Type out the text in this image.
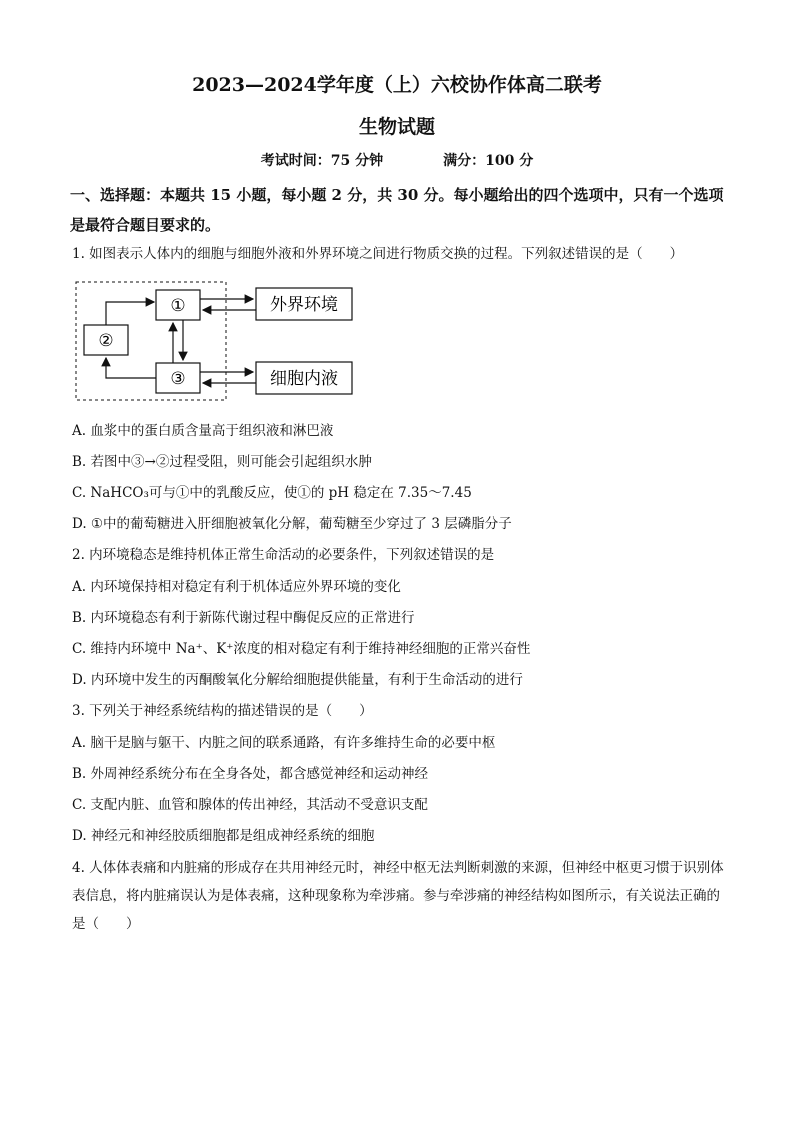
2023—2024学年度（上）六校协作体高二联考
生物试题
考试时间：75 分钟	满分：100 分
一、选择题：本题共 15 小题，每小题 2 分，共 30 分。每小题给出的四个选项中，只有一个选项是最符合题目要求的。
1. 如图表示人体内的细胞与细胞外液和外界环境之间进行物质交换的过程。下列叙述错误的是（　　）
①
②
③
外界环境
细胞内液
A. 血浆中的蛋白质含量高于组织液和淋巴液
B. 若图中③→②过程受阻，则可能会引起组织水肿
C. NaHCO₃可与①中的乳酸反应，使①的 pH 稳定在 7.35～7.45
D. ①中的葡萄糖进入肝细胞被氧化分解，葡萄糖至少穿过了 3 层磷脂分子
2. 内环境稳态是维持机体正常生命活动的必要条件，下列叙述错误的是
A. 内环境保持相对稳定有利于机体适应外界环境的变化
B. 内环境稳态有利于新陈代谢过程中酶促反应的正常进行
C. 维持内环境中 Na⁺、K⁺浓度的相对稳定有利于维持神经细胞的正常兴奋性
D. 内环境中发生的丙酮酸氧化分解给细胞提供能量，有利于生命活动的进行
3. 下列关于神经系统结构的描述错误的是（　　）
A. 脑干是脑与躯干、内脏之间的联系通路，有许多维持生命的必要中枢
B. 外周神经系统分布在全身各处，都含感觉神经和运动神经
C. 支配内脏、血管和腺体的传出神经，其活动不受意识支配
D. 神经元和神经胶质细胞都是组成神经系统的细胞
4. 人体体表痛和内脏痛的形成存在共用神经元时，神经中枢无法判断刺激的来源，但神经中枢更习惯于识别体表信息，将内脏痛误认为是体表痛，这种现象称为牵涉痛。参与牵涉痛的神经结构如图所示，有关说法正确的是（　　）
